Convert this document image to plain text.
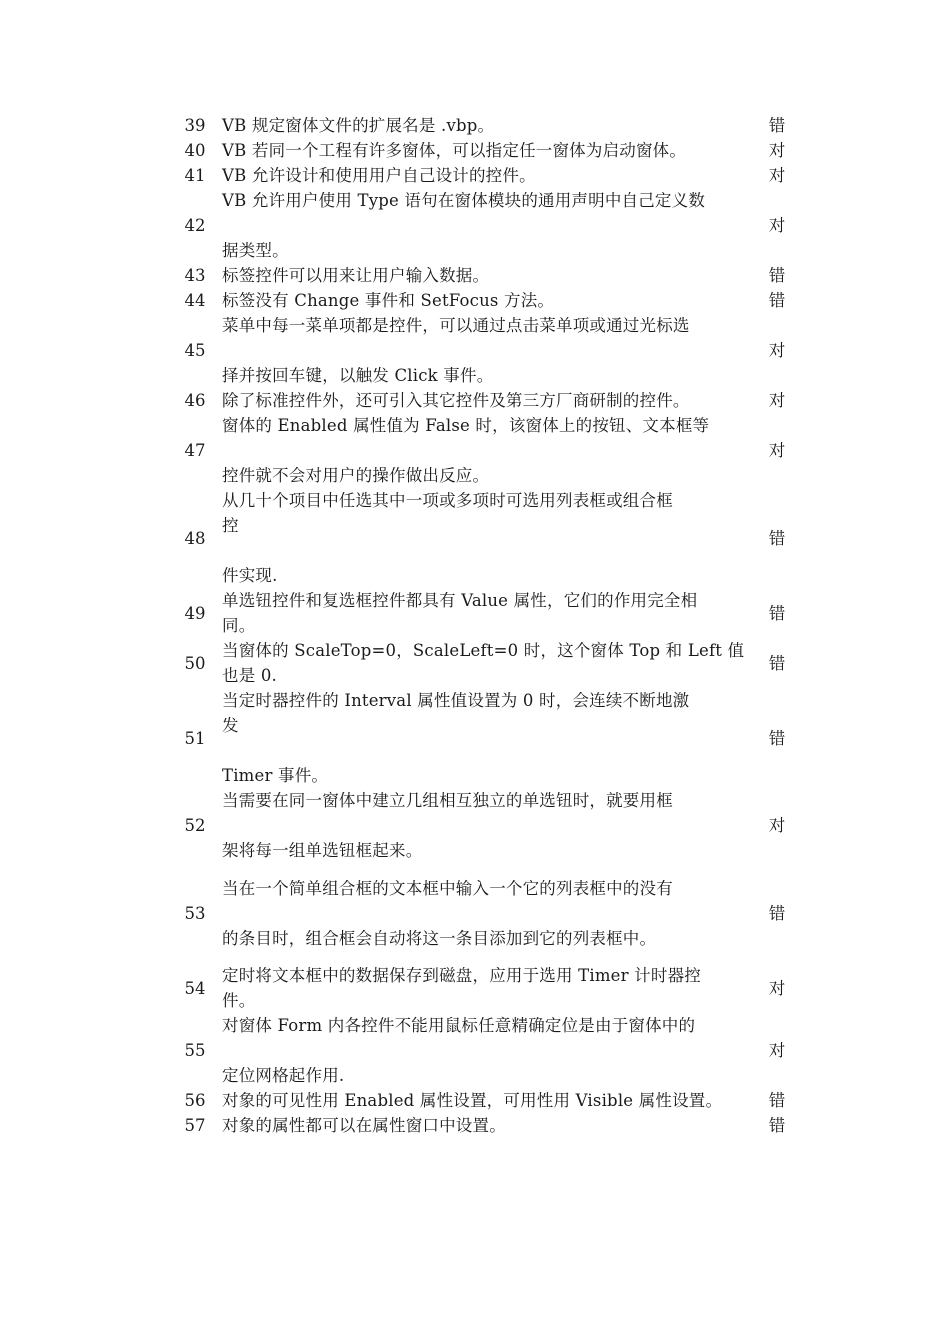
39	VB 规定窗体文件的扩展名是 .vbp。	错
40	VB 若同一个工程有许多窗体，可以指定任一窗体为启动窗体。	对
41	VB 允许设计和使用用户自己设计的控件。	对
42	VB 允许用户使用 Type 语句在窗体模块的通用声明中自己定义数

据类型。	对
43	标签控件可以用来让用户输入数据。	错
44	标签没有 Change 事件和 SetFocus 方法。	错
45	菜单中每一菜单项都是控件，可以通过点击菜单项或通过光标选

择并按回车键，以触发 Click 事件。	对
46	除了标准控件外，还可引入其它控件及第三方厂商研制的控件。	对
47	窗体的 Enabled 属性值为 False 时，该窗体上的按钮、文本框等

控件就不会对用户的操作做出反应。	对
48	从几十个项目中任选其中一项或多项时可选用列表框或组合框
控

件实现.	错
49	单选钮控件和复选框控件都具有 Value 属性，它们的作用完全相
同。	错
50	当窗体的 ScaleTop=0，ScaleLeft=0 时，这个窗体 Top 和 Left 值
也是 0.	错
51	当定时器控件的 Interval 属性值设置为 0 时，会连续不断地激
发

Timer 事件。	错
52	当需要在同一窗体中建立几组相互独立的单选钮时，就要用框

架将每一组单选钮框起来。	对
53	当在一个简单组合框的文本框中输入一个它的列表框中的没有

的条目时，组合框会自动将这一条目添加到它的列表框中。	错
54	定时将文本框中的数据保存到磁盘，应用于选用 Timer 计时器控
件。	对
55	对窗体 Form 内各控件不能用鼠标任意精确定位是由于窗体中的

定位网格起作用.	对
56	对象的可见性用 Enabled 属性设置，可用性用 Visible 属性设置。	错
57	对象的属性都可以在属性窗口中设置。	错
